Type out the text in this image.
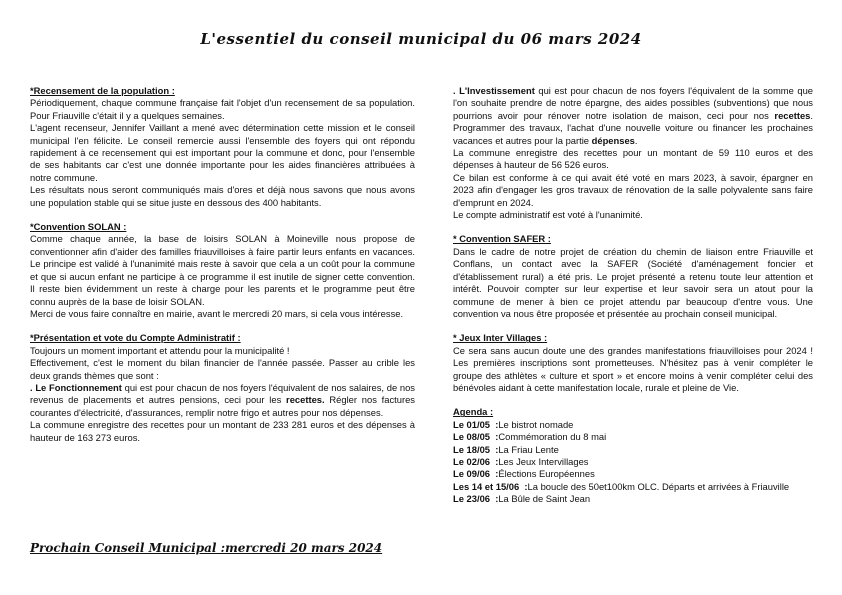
L'essentiel du conseil municipal du 06 mars 2024

*Recensement de la population :

Périodiquement, chaque commune française fait l'objet d'un recensement de sa population. Pour Friauville c'était il y a quelques semaines.

L'agent recenseur, Jennifer Vaillant a mené avec détermination cette mission et le conseil municipal l'en félicite. Le conseil remercie aussi l'ensemble des foyers qui ont répondu rapidement à ce recensement qui est important pour la commune et donc, pour l'ensemble de ses habitants car c'est une donnée importante pour les aides financières attribuées à notre commune.

Les résultats nous seront communiqués mais d'ores et déjà nous savons que nous avons une population stable qui se situe juste en dessous des 400 habitants.

*Convention SOLAN :

Comme chaque année, la base de loisirs SOLAN à Moineville nous propose de conventionner afin d'aider des familles friauvilloises à faire partir leurs enfants en vacances. Le principe est validé à l'unanimité mais reste à savoir que cela a un coût pour la commune et que si aucun enfant ne participe à ce programme il est inutile de signer cette convention. Il reste bien évidemment un reste à charge pour les parents et le programme peut être connu auprès de la base de loisir SOLAN.

Merci de vous faire connaître en mairie, avant le mercredi 20 mars, si cela vous intéresse.

*Présentation et vote du Compte Administratif :

Toujours un moment important et attendu pour la municipalité !

Effectivement, c'est le moment du bilan financier de l'année passée. Passer au crible les deux grands thèmes que sont :

. Le Fonctionnement qui est pour chacun de nos foyers l'équivalent de nos salaires, de nos revenus de placements et autres pensions, ceci pour les recettes. Régler nos factures courantes d'électricité, d'assurances, remplir notre frigo et autres pour nos dépenses.

La commune enregistre des recettes pour un montant de 233 281 euros et des dépenses à hauteur de 163 273 euros.

Prochain Conseil Municipal :mercredi 20 mars 2024

. L'Investissement qui est pour chacun de nos foyers l'équivalent de la somme que l'on souhaite prendre de notre épargne, des aides possibles (subventions) que nous pourrions avoir pour rénover notre isolation de maison, ceci pour nos recettes. Programmer des travaux, l'achat d'une nouvelle voiture ou financer les prochaines vacances et autres pour la partie dépenses.

La commune enregistre des recettes pour un montant de 59 110 euros et des dépenses à hauteur de 56 526 euros.

Ce bilan est conforme à ce qui avait été voté en mars 2023, à savoir, épargner en 2023 afin d'engager les gros travaux de rénovation de la salle polyvalente sans faire d'emprunt en 2024.

Le compte administratif est voté à l'unanimité.

* Convention SAFER :

Dans le cadre de notre projet de création du chemin de liaison entre Friauville et Conflans, un contact avec la SAFER (Société d'aménagement foncier et d'établissement rural) a été pris. Le projet présenté a retenu toute leur attention et intérêt. Pouvoir compter sur leur expertise et leur savoir sera un atout pour la commune de mener à bien ce projet attendu par beaucoup d'entre vous. Une convention va nous être proposée et présentée au prochain conseil municipal.

* Jeux Inter Villages :

Ce sera sans aucun doute une des grandes manifestations friauvilloises pour 2024 ! Les premières inscriptions sont prometteuses. N'hésitez pas à venir compléter le groupe des athlètes « culture et sport » et encore moins à venir compléter celui des bénévoles aidant à cette manifestation locale, rurale et pleine de Vie.

Agenda :

Le 01/05  : Le bistrot nomade
Le 08/05  : Commémoration du 8 mai
Le 18/05  : La Friau Lente
Le 02/06  : Les Jeux Intervillages
Le 09/06  : Élections Européennes
Les 14 et 15/06  : La boucle des 50et100km OLC. Départs et arrivées à Friauville
Le 23/06  : La Bûle de Saint Jean
